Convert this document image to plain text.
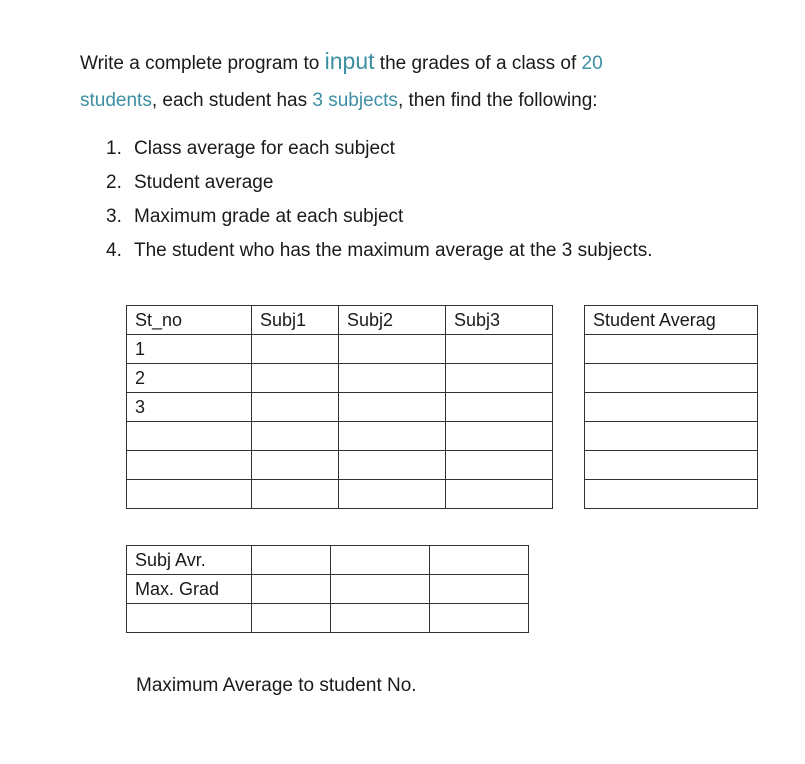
Write a complete program to input the grades of a class of 20
students, each student has 3 subjects, then find the following:

1. Class average for each subject
2. Student average
3. Maximum grade at each subject
4. The student who has the maximum average at the 3 subjects.
St_no	Subj1	Subj2	Subj3
1			
2			
3			

Student Averag

Subj Avr.			
Max. Grad			

Maximum Average to student No.
